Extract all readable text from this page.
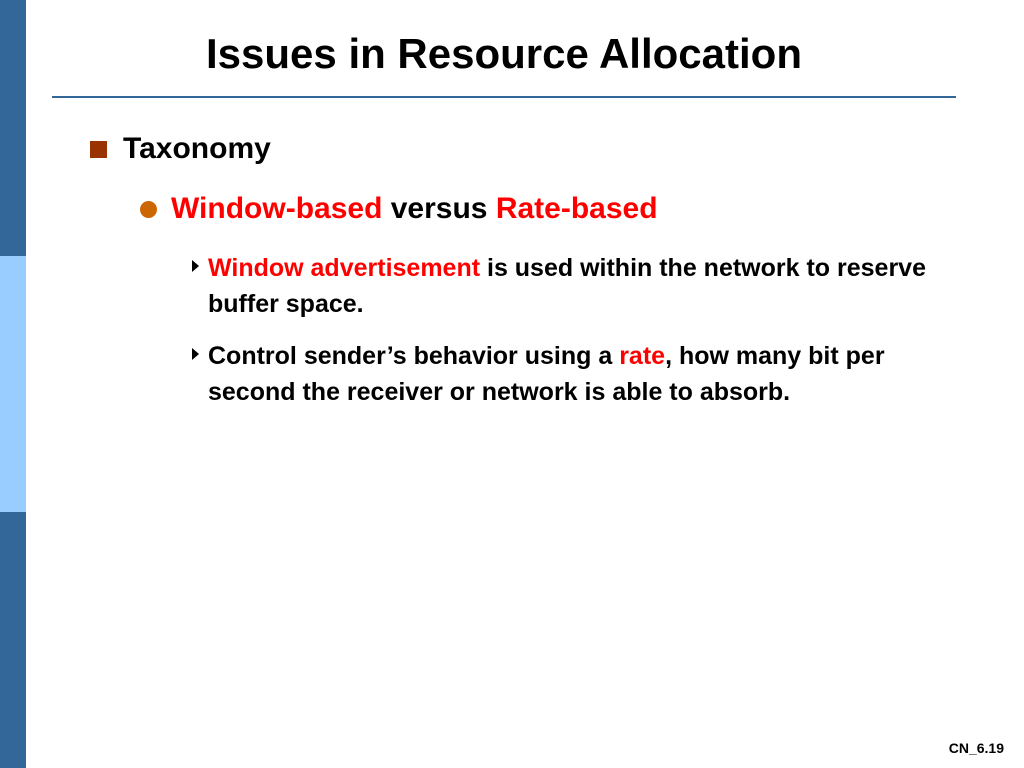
Issues in Resource Allocation
Taxonomy
Window-based versus Rate-based
Window advertisement is used within the network to reserve buffer space.
Control sender’s behavior using a rate, how many bit per second the receiver or network is able to absorb.
CN_6.19
